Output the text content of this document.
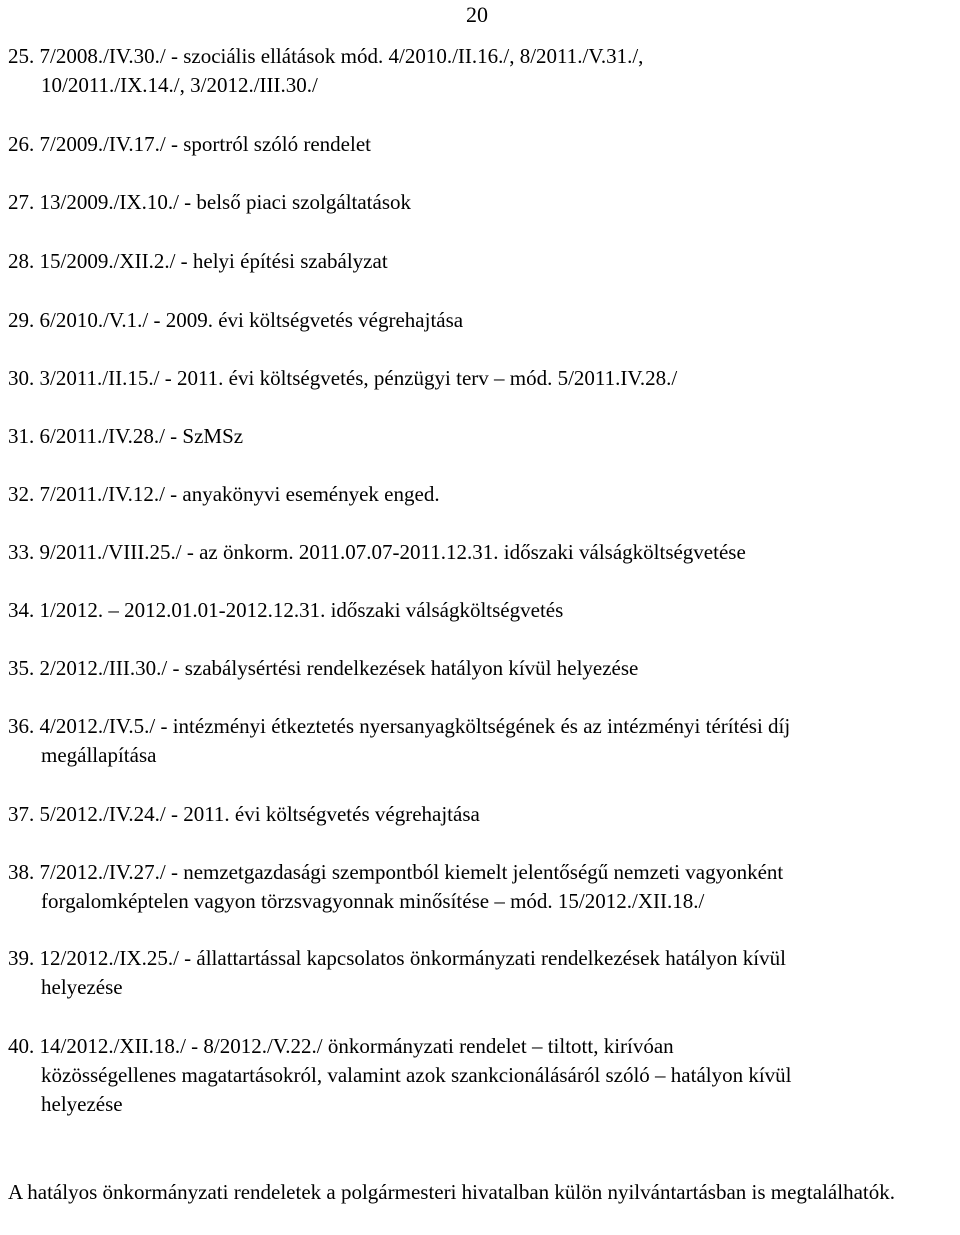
20
25. 7/2008./IV.30./ - szociális ellátások mód. 4/2010./II.16./, 8/2011./V.31./,
10/2011./IX.14./, 3/2012./III.30./
26. 7/2009./IV.17./ - sportról szóló rendelet
27. 13/2009./IX.10./ - belső piaci szolgáltatások
28. 15/2009./XII.2./ - helyi építési szabályzat
29. 6/2010./V.1./ - 2009. évi költségvetés végrehajtása
30. 3/2011./II.15./ - 2011. évi költségvetés, pénzügyi terv – mód. 5/2011.IV.28./
31. 6/2011./IV.28./ - SzMSz
32. 7/2011./IV.12./ - anyakönyvi események enged.
33. 9/2011./VIII.25./ - az önkorm. 2011.07.07-2011.12.31. időszaki válságköltségvetése
34. 1/2012. – 2012.01.01-2012.12.31. időszaki válságköltségvetés
35. 2/2012./III.30./ - szabálysértési rendelkezések hatályon kívül helyezése
36. 4/2012./IV.5./ - intézményi étkeztetés nyersanyagköltségének és az intézményi térítési díj
megállapítása
37. 5/2012./IV.24./ - 2011. évi költségvetés végrehajtása
38. 7/2012./IV.27./ - nemzetgazdasági szempontból kiemelt jelentőségű nemzeti vagyonként
forgalomképtelen vagyon törzsvagyonnak minősítése – mód. 15/2012./XII.18./
39. 12/2012./IX.25./ - állattartással kapcsolatos önkormányzati rendelkezések hatályon kívül
helyezése
40. 14/2012./XII.18./ - 8/2012./V.22./ önkormányzati rendelet – tiltott, kirívóan
közösségellenes magatartásokról, valamint azok szankcionálásáról szóló – hatályon kívül
helyezése
A hatályos önkormányzati rendeletek a polgármesteri hivatalban külön nyilvántartásban is megtalálhatók.
